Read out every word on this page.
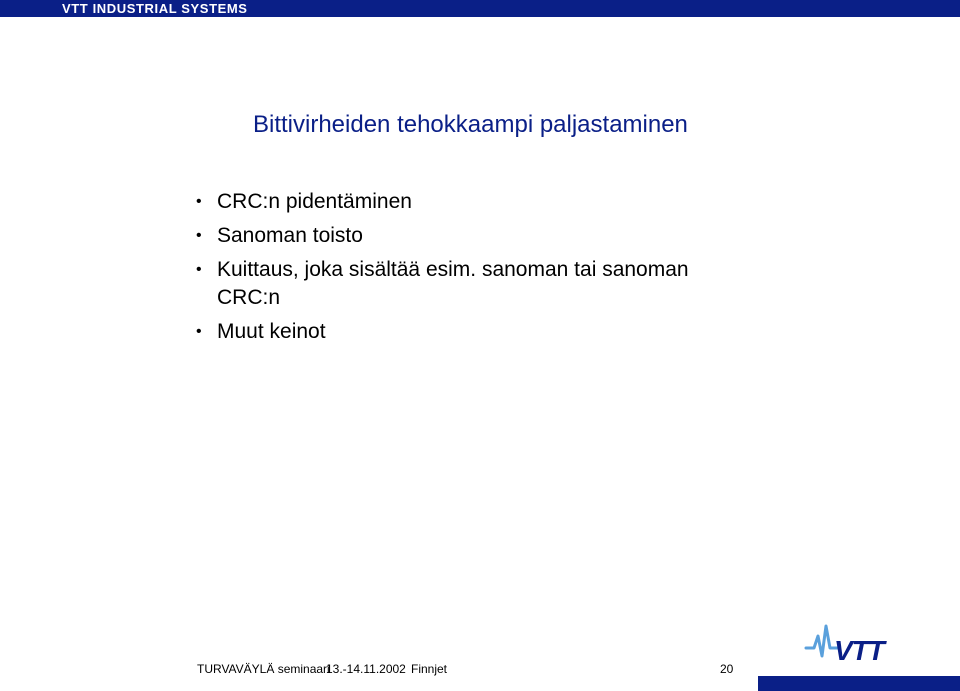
VTT INDUSTRIAL SYSTEMS
Bittivirheiden tehokkaampi paljastaminen
• CRC:n pidentäminen
• Sanoman toisto
• Kuittaus, joka sisältää esim. sanoman tai sanoman
CRC:n
• Muut keinot
TURVAVÄYLÄ seminaari
13.-14.11.2002 Finnjet	20
VTT
